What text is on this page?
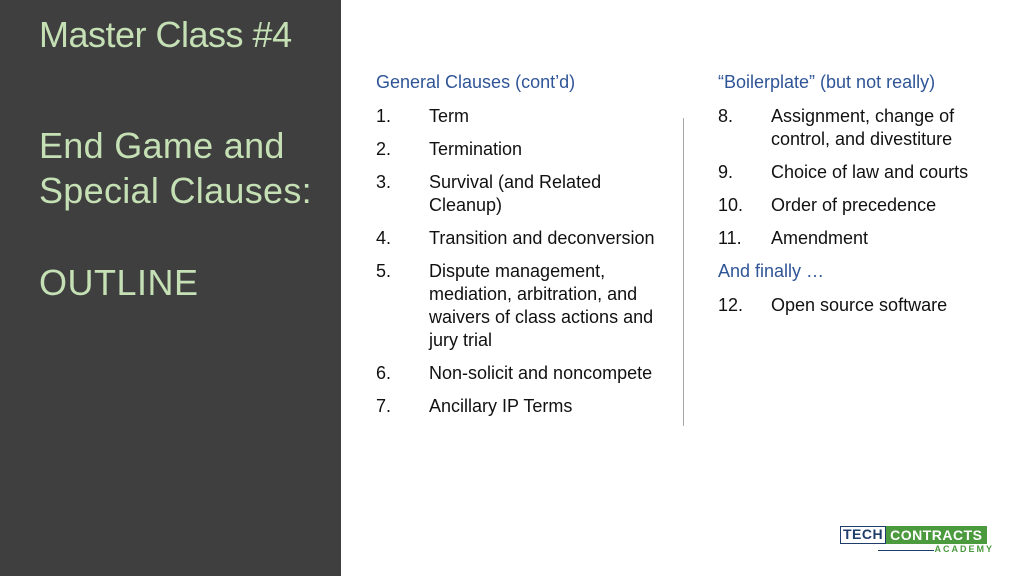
Master Class #4
End Game and
Special Clauses:
OUTLINE
General Clauses (cont’d)
1.	Term
2.	Termination
3.	Survival (and Related Cleanup)
4.	Transition and deconversion
5.	Dispute management, mediation, arbitration, and waivers of class actions and jury trial
6.	Non-solicit and noncompete
7.	Ancillary IP Terms
“Boilerplate” (but not really)
8.	Assignment, change of control, and divestiture
9.	Choice of law and courts
10.	Order of precedence
11.	Amendment
And finally …
12.	Open source software
TECH CONTRACTS
ACADEMY
